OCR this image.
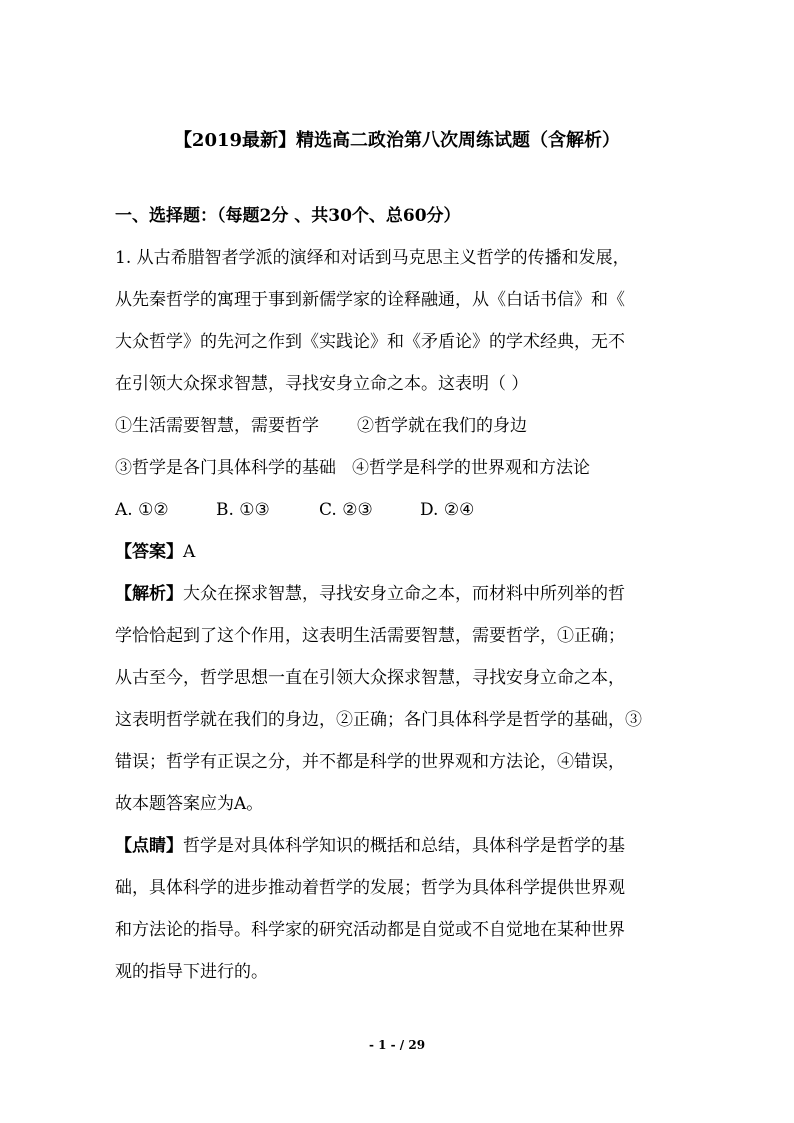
【2019最新】精选高二政治第八次周练试题（含解析）
一、选择题：（每题2分 、共30个、总60分）
1. 从古希腊智者学派的演绎和对话到马克思主义哲学的传播和发展，
从先秦哲学的寓理于事到新儒学家的诠释融通，从《白话书信》和《
大众哲学》的先河之作到《实践论》和《矛盾论》的学术经典，无不
在引领大众探求智慧，寻找安身立命之本。这表明（ ）
①生活需要智慧，需要哲学 ②哲学就在我们的身边
③哲学是各门具体科学的基础 ④哲学是科学的世界观和方法论
A. ①②	B. ①③	C. ②③	D. ②④
【答案】A
【解析】大众在探求智慧，寻找安身立命之本，而材料中所列举的哲
学恰恰起到了这个作用，这表明生活需要智慧，需要哲学，①正确；
从古至今，哲学思想一直在引领大众探求智慧，寻找安身立命之本，
这表明哲学就在我们的身边，②正确；各门具体科学是哲学的基础，③
错误；哲学有正误之分，并不都是科学的世界观和方法论，④错误，
故本题答案应为A。
【点睛】哲学是对具体科学知识的概括和总结，具体科学是哲学的基
础，具体科学的进步推动着哲学的发展；哲学为具体科学提供世界观
和方法论的指导。科学家的研究活动都是自觉或不自觉地在某种世界
观的指导下进行的。
- 1 - / 29
